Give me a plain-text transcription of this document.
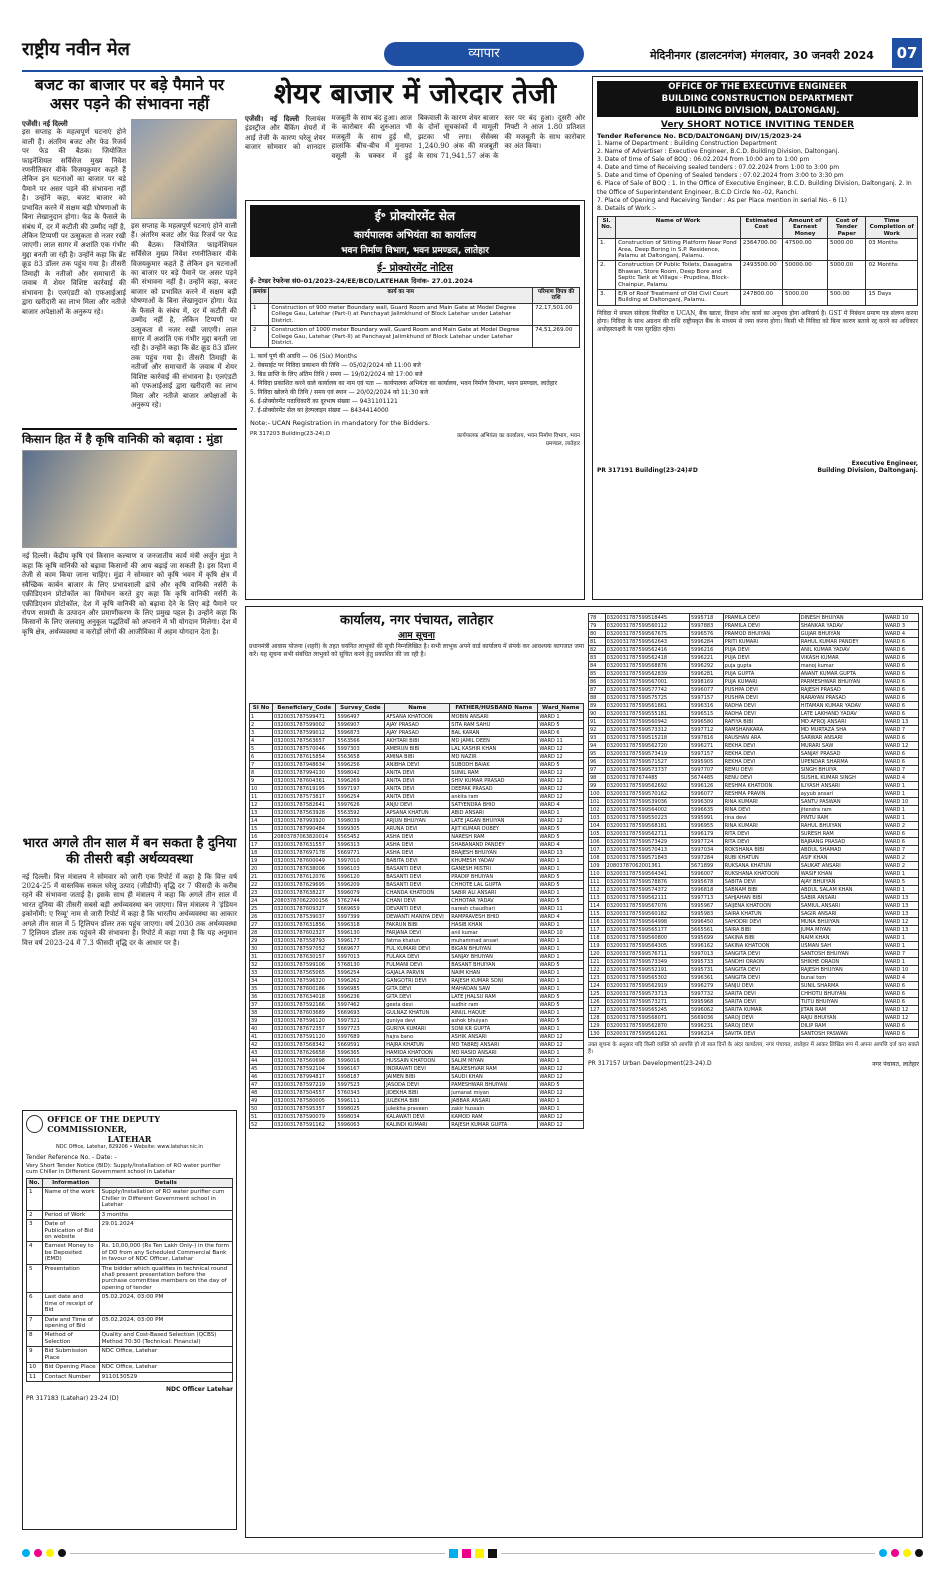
राष्ट्रीय नवीन मेल	व्यापार	मेदिनीनगर (डालटनगंज) मंगलवार, 30 जनवरी 2024	07
बजट का बाजार पर बड़े पैमाने पर असर पड़ने की संभावना नहीं
एजेंसी। नई दिल्ली
इस सप्ताह के महत्वपूर्ण घटनाएं होने वाली हैं। अंतरिम बजट और फेड रिजर्व पर फेड की बैठक। जियोजित फाइनेंशियल सर्विसेज मुख्य निवेश रणनीतिकार वीके विजयकुमार कहते हैं लेकिन इन घटनाओं का बाजार पर बड़े पैमाने पर असर पड़ने की संभावना नहीं है। उन्होंने कहा, बजट बाजार को प्रभावित करने में सक्षम बड़ी घोषणाओं के बिना लेखानुदान होगा। फेड के फैसले के संबंध में, दर में कटौती की उम्मीद नहीं है, लेकिन टिप्पणी पर उत्सुकता से नजर रखी जाएगी। लाल सागर में अशांति एक गंभीर मुद्दा बनती जा रही है। उन्होंने कहा कि ब्रेंट क्रूड 83 डॉलर तक पहुंच गया है। तीसरी तिमाही के नतीजों और समाचारों के जवाब में शेयर विशिष्ट कार्रवाई की संभावना है। एलएंडटी को एफआईआई द्वारा खरीदारी का लाभ मिला और नतीजे बाजार अपेक्षाओं के अनुरूप रहे।
इस सप्ताह के महत्वपूर्ण घटनाएं होने वाली हैं। अंतरिम बजट और फेड रिजर्व पर फेड की बैठक। जियोजित फाइनेंशियल सर्विसेज मुख्य निवेश रणनीतिकार वीके विजयकुमार कहते हैं लेकिन इन घटनाओं का बाजार पर बड़े पैमाने पर असर पड़ने की संभावना नहीं है। उन्होंने कहा, बजट बाजार को प्रभावित करने में सक्षम बड़ी घोषणाओं के बिना लेखानुदान होगा। फेड के फैसले के संबंध में, दर में कटौती की उम्मीद नहीं है, लेकिन टिप्पणी पर उत्सुकता से नजर रखी जाएगी। लाल सागर में अशांति एक गंभीर मुद्दा बनती जा रही है। उन्होंने कहा कि ब्रेंट क्रूड 83 डॉलर तक पहुंच गया है। तीसरी तिमाही के नतीजों और समाचारों के जवाब में शेयर विशिष्ट कार्रवाई की संभावना है। एलएंडटी को एफआईआई द्वारा खरीदारी का लाभ मिला और नतीजे बाजार अपेक्षाओं के अनुरूप रहे।
किसान हित में है कृषि वानिकी को बढ़ावा : मुंडा
नई दिल्ली। केंद्रीय कृषि एवं किसान कल्याण व जनजातीय कार्य मंत्री अर्जुन मुंडा ने कहा कि कृषि वानिकी को बढ़ावा किसानों की आय बढ़ाई जा सकती है। इस दिशा में तेजी से काम किया जाना चाहिए। मुंडा ने सोमवार को कृषि भवन में कृषि क्षेत्र में स्वैच्छिक कार्बन बाजार के लिए प्रभावशाली ढांचे और कृषि वानिकी नर्सरी के एक्रीडिएशन प्रोटोकॉल का विमोचन करते हुए कहा कि कृषि वानिकी नर्सरी के एक्रीडिएशन प्रोटोकॉल, देश में कृषि वानिकी को बढ़ावा देने के लिए बड़े पैमाने पर रोपण सामग्री के उत्पादन और प्रमाणीकरण के लिए प्रमुख पहल है। उन्होंने कहा कि किसानों के लिए जलवायु अनुकूल पद्धतियों को अपनाने में भी योगदान मिलेगा। देश में कृषि क्षेत्र, अर्थव्यवस्था व करोड़ों लोगों की आजीविका में अहम योगदान देता है।
भारत अगले तीन साल में बन सकता है दुनिया की तीसरी बड़ी अर्थव्यवस्था
नई दिल्ली। वित्त मंत्रालय ने सोमवार को जारी एक रिपोर्ट में कहा है कि वित्त वर्ष 2024-25 में वास्तविक सकल घरेलू उत्पाद (जीडीपी) वृद्धि दर 7 फीसदी के करीब रहने की संभावना जताई है। इसके साथ ही मंत्रालय ने कहा कि अगले तीन साल में भारत दुनिया की तीसरी सबसे बड़ी अर्थव्यवस्था बन जाएगा। वित्त मंत्रालय ने 'इंडियन इकोनॉमी: ए रिव्यू' नाम से जारी रिपोर्ट में कहा है कि भारतीय अर्थव्यवस्था का आकार अगले तीन साल में 5 ट्रिलियन डॉलर तक पहुंच जाएगा। वर्ष 2030 तक अर्थव्यवस्था 7 ट्रिलियन डॉलर तक पहुंचने की संभावना है। रिपोर्ट में कहा गया है कि यह अनुमान वित्त वर्ष 2023-24 में 7.3 फीसदी वृद्धि दर के आधार पर है।
OFFICE OF THE DEPUTY COMMISSIONER,
LATEHAR
NDC Office, Latehar, 829206 • Website: www.latehar.nic.in
Tender Reference No. - Date: -
Very Short Tender Notice (BID): Supply/Installation of RO water purifier cum Chiller in Different Government school in Latehar
No.	Information	Details
1	Name of the work	Supply/Installation of RO water purifier cum Chiller in Different Government school in Latehar
2	Period of Work	3 months
3	Date of Publication of Bid on website	29.01.2024
4	Earnest Money to be Deposited (EMD)	Rs. 10,00,000 (Rs Ten Lakh Only-) in the form of DD from any Scheduled Commercial Bank in favour of NDC Officer, Latehar
5	Presentation	The bidder which qualifies in technical round shall present presentation before the purchase committee members on the day of opening of tender
6	Last date and time of receipt of Bid	05.02.2024, 03:00 PM
7	Date and Time of opening of Bid	05.02.2024, 03:00 PM
8	Method of Selection	Quality and Cost-Based Selection (QCBS) Method 70:30 (Technical: Financial)
9	Bid Submission Place	NDC Office, Latehar
10	Bid Opening Place	NDC Office, Latehar
11	Contact Number	9110130529
NDC Officer Latehar
PR 317183 (Latehar) 23-24 (D)
शेयर बाजार में जोरदार तेजी
एजेंसी। नई दिल्ली रिलायंस इंडस्ट्रीज और बैंकिंग शेयरों में आई तेजी के कारण घरेलू शेयर बाजार सोमवार को शानदार मजबूती के साथ बंद हुआ। आज के कारोबार की शुरुआत भी मजबूती के साथ हुई थी, हालांकि बीच-बीच में मुनाफा वसूली के चक्कर में हुई बिकवाली के कारण शेयर बाजार के दोनों सूचकांकों में मामूली झटका भी लगा। सेंसेक्स 1,240.90 अंक की मजबूती के साथ 71,941.57 अंक के स्तर पर बंद हुआ। दूसरी ओर निफ्टी ने आज 1.80 प्रतिशत की मजबूती के साथ कारोबार का अंत किया।
ई॰ प्रोक्योरमेंट सेल
कार्यपालक अभियंता का कार्यालय
भवन निर्माण विभाग, भवन प्रमण्डल, लातेहार
ई- प्रोक्योरमेंट नोटिस
ई- टेण्डर रेफरेन्स सं0-01/2023-24/EE/BCD/LATEHAR दिनांक- 27.01.2024
क्रमांक	कार्य का नाम	परिमाण विपत्र की राशि
1	Construction of 900 meter Boundary wall, Guard Room and Main Gate at Model Degree College Gau, Latehar (Part-I) at Panchayat Jalimkhund of Block Latehar under Latehar District.	72,17,501.00
2	Construction of 1000 meter Boundary wall, Guard Room and Main Gate at Model Degree College Gau, Latehar (Part-II) at Panchayat Jalimkhund of Block Latehar under Latehar District.	74,51,269.00
1. कार्य पूर्ण की अवधि — 06 (Six) Months
2. वेबसाईट पर निविदा प्रकाशन की तिथि — 05/02/2024 को 11:00 बजे
3. बिड प्राप्ति के लिए अंतिम तिथि / समय — 19/02/2024 को 17:00 बजे
4. निविदा प्रकाशित करने वाले कार्यालय का नाम एवं पता — कार्यपालक अभियंता का कार्यालय, भवन निर्माण विभाग, भवन प्रमण्डल, लातेहार
5. निविदा खोलने की तिथि / समय एवं स्थान — 20/02/2024 को 11:30 बजे
6. ई-प्रोक्योरमेंट पदाधिकारी का दूरभाष संख्या — 9431101121
7. ई-प्रोक्योरमेंट सेल का हेल्पलाइन संख्या — 8434414000
Note:- UCAN Registration in mandatory for the Bidders.
PR 317203 Building(23-24).D	कार्यपालक अभियंता का कार्यालय, भवन निर्माण विभाग, भवन प्रमण्डल, लातेहार
OFFICE OF THE EXECUTIVE ENGINEER
BUILDING CONSTRUCTION DEPARTMENT
BUILDING DIVISION, DALTONGANJ.
Very SHORT NOTICE INVITING TENDER
Tender Reference No. BCD/DALTONGANJ DIV/15/2023-24
1. Name of Department : Building Construction Department
2. Name of Advertiser : Executive Engineer, B.C.D. Building Division, Daltonganj.
3. Date of time of Sale of BOQ : 06.02.2024 from 10:00 am to 1:00 pm
4. Date and time of Receiving sealed tenders : 07.02.2024 from 1:00 to 3:00 pm
5. Date and time of Opening of Sealed tenders : 07.02.2024 from 3:00 to 3:30 pm
6. Place of Sale of BOQ : 1. In the Office of Executive Engineer, B.C.D. Building Division, Daltonganj. 2. In the Office of Superintendent Engineer, B.C.D Circle No.-02, Ranchi.
7. Place of Opening and Receiving Tender : As per Place mention in serial No.- 6 (1)
8. Details of Work :-
Sl. No.	Name of Work	Estimated Cost	Amount of Earnest Money	Cost of Tender Paper	Time Completion of Work
1.	Construction of Sitting Platform Near Pond Area, Deep Boring in S.P. Residence, Palamu at Daltonganj, Palamu.	2364700.00	47500.00	5000.00	03 Months
2.	Construction Of Public Toilets, Dasagatra Bhawan, Store Room, Deep Bore and Septic Tank at Village - Prupdina, Block- Chainpur, Palamu	2493500.00	50000.00	5000.00	02 Months
3.	E/R of Roof Treatment of Old Civil Court Building at Daltonganj, Palamu.	247800.00	5000.00	500.00	15 Days
निविदा में सफल संवेदक निबंधित व UCAN, बैंक खाता, विधान शोध कार्य का अनुभव होना अनिवार्य है। GST में निबंधन प्रमाण पत्र संलग्न करना होगा। निविदा के साथ अग्रधन की राशि राष्ट्रीयकृत बैंक के माध्यम से जमा करना होगा। किसी भी निविदा को बिना कारण बताये रद्द करने का अधिकार अधोहस्ताक्षरी के पास सुरक्षित रहेगा।
Executive Engineer,
PR 317191 Building(23-24)#D	Building Division, Daltonganj.
कार्यालय, नगर पंचायत, लातेहार
आम सूचना
प्रधानमंत्री आवास योजना (शहरी) के तहत चयनित लाभुकों की सूची निम्नलिखित है। सभी लाभुक अपने वार्ड कार्यालय में संपर्क कर आवश्यक कागजात जमा करें। यह सूचना सभी संबंधित लाभुकों को सूचित करने हेतु प्रकाशित की जा रही है।
Sl No	Beneficiary_Code	Survey_Code	Name	FATHER/HUSBAND Name	Ward_Name
1	0320031787599471	5996497	AFSANA KHATOON	MOBIN ANSARI	WARD 1
2	0320031787599002	5996907	AJAY PRASAD	SITA RAM SAHU	WARD 5
3	0320031787599012	5996873	AJAY PRASAD	BAL KARAN	WARD 6
4	0320031787563657	5563566	AKHTARI BIBI	MD JAMIL DEEN	WARD 11
5	0320031787570046	5997303	AMERUN BIBI	LAL KASHIR KHAN	WARD 12
6	0320031787615854	5563658	AMINA BIBI	MD NAZIR	WARD 12
7	0320031787948634	5996256	ANIBHA DEVI	SUBODH BAIAK	WARD 5
8	0320031787994130	5998042	ANITA DEVI	SUNIL RAM	WARD 12
9	0320031787604361	5996269	ANITA DEVI	SHIV KUMAR PRASAD	WARD 12
10	0320031787619195	5997197	ANITA DEVI	DEEPAK PRASAD	WARD 12
11	0320031787573817	5996254	ANITA DEVI	ankita ram	WARD 12
12	0320031787582641	5997626	ANJU DEVI	SATYENDRA BHID	WARD 4
13	0320031787563928	5563592	APSANA KHATUN	ABID ANSARI	WARD 1
14	0320031787993920	5998039	ARJUN BHUIYAN	LATE JAGAN BHUIYAN	WARD 12
15	0320031787990484	5999305	ARUNA DEVI	AJIT KUMAR DUBEY	WARD 5
16	20803787063820014	5565452	ASHA DEVI	NARESH RAM	WARD 5
17	0320031787631557	5996313	ASHA DEVI	SHABANAND PANDEY	WARD 4
18	0320031787697178	5669771	ASHA DEVI	BRAJESH BHUIYAN	WARD 13
19	0320031787600049	5997010	BABITA DEVI	KHUMESH YADAV	WARD 1
20	0320031787638006	5996103	BASANTI DEVI	GANESH MISTRI	WARD 1
21	0320031787612076	5996120	BASANTI DEVI	PRADIP BHUIYAN	WARD 5
22	0320031787629695	5996209	BASANTI DEVI	CHHOTE LAL GUPTA	WARD 5
23	0320031787638227	5996079	CHANDA KHATOON	SABIR ALI ANSARI	WARD 1
24	20803787062200156	5762744	CHANI DEVI	CHHOTAR YADAV	WARD 5
25	0320031787609327	5669659	DEVANTI DEVI	naresh chaudhari	WARD 11
26	0320031787539037	5997399	DEWANTI MANIYA DEVI	RAMPRAVESH BHID	WARD 4
27	0320031787631856	5996318	FAKRUN BIBI	HASIB KHAN	WARD 1
28	0320031787602327	5996130	FARJANA DEVI	anil kumar	WARD 10
29	0320031787558793	5996177	fatma khatun	muhammad ansari	WARD 1
30	0320031787597052	5669677	FUL KUMARI DEVI	BIGAN BHUIYAN	WARD 1
31	0320031787630157	5997013	FULAKA DEVI	SANJAY BHUIYAN	WARD 1
32	0320031787599106	5768130	FULMANI DEVI	BASANT BHUIYAN	WARD 5
33	0320031787565065	5996254	GAJALA PARVIN	NAIM KHAN	WARD 1
34	0320031787596320	5996262	GANGOTRI DEVI	RAJESH KUMAR SONI	WARD 1
35	0320031787600186	5996985	GITA DEVI	MAHADAN SAW	WARD 1
36	0320031787634018	5996236	GITA DEVI	LATE JHALSU RAM	WARD 5
37	0320031787592166	5997462	geeta devi	sudhir ram	WARD 5
38	0320031787603689	5669693	GULNAZ KHATUN	AINUL HAQUE	WARD 1
39	0320031787596120	5997321	guniya devi	ashok bhuiyan	WARD 5
40	0320031787672357	5997723	GURIYA KUMARI	SONI KR GUPTA	WARD 1
41	0320031787591120	5997689	hajra bano	ASHIK ANSARI	WARD 12
42	0320031787568342	5669591	HAJRA KHATUN	MD TABREJ ANSARI	WARD 12
43	0320031787626658	5996365	HAMIDA KHATOON	MD RASID ANSARI	WARD 1
44	0320031787560698	5996016	HUSSAIN KHATOON	SALIM MIYAN	WARD 1
45	0320031787592104	5996167	INDRAVATI DEVI	BALKESHVAR RAM	WARD 12
46	0320031787994817	5998187	JAIMEN BIBI	SAUDI KHAN	WARD 12
47	0320031787597219	5997523	JASODA DEVI	PAMESHWAR BHUIYAN	WARD 5
48	0320031787504557	5760343	JIDEKHA BIBI	jumanat miyan	WARD 12
49	0320031787580005	5996111	JULEKHA BIBI	JABBAR ANSARI	WARD 1
50	0320031787595357	5998025	juleikha praveen	zakir hussain	WARD 1
51	0320031787590079	5998034	KALAWATI DEVI	KAMOD RAM	WARD 12
52	0320031787591162	5996063	KALINDI KUMARI	RAJESH KUMAR GUPTA	WARD 12
78	0320031787599518445	5995718	PRAMILA DEVI	DINESH BHUIYAN	WARD 10
79	0320031787599560112	5997883	PRAMILA DEVI	SHANKAR YADAV	WARD 3
80	0320031787599567675	5996576	PRAMOD BHUIYAN	GUJAR BHUIYAN	WARD 4
81	0320031787599562643	5996284	PRITI KUMARI	RAHUL KUMAR PANDEY	WARD 6
82	0320031787599562416	5996216	PUJA DEVI	ANIL KUMAR YADAV	WARD 6
83	0320031787599562418	5996221	PUJA DEVI	VIKASH KUMAR	WARD 6
84	0320031787599568876	5996292	puja gupta	manoj kumar	WARD 6
85	0320031787599562839	5996281	PUJA GUPTA	ANANT KUMAR GUPTA	WARD 6
86	0320031787599567001	5998169	PUJA KUMARI	PARMESHWAR BHUIYAN	WARD 6
87	0320031787599577742	5996077	PUSHPA DEVI	RAJESH PRASAD	WARD 6
88	0320031787599575725	5997157	PUSHPA DEVI	NARAYAN PRASAD	WARD 6
89	0320031787599561861	5996316	RADHA DEVI	HITAMAN KUMAR YADAV	WARD 6
90	0320031787599555181	5996515	RADHA DEVI	LATE LAKHAND YADAV	WARD 6
91	0320031787599560942	5996580	RAFIYA BIBI	MD AFROJ ANSARI	WARD 13
92	0320031787599573312	5997712	RAMSHANKARA	MD MURTAZA SHA	WARD 7
93	0320031787599515218	5997816	RAUSHAN ARA	SARWAR ANSARI	WARD 6
94	0320031787599562720	5996271	REKHA DEVI	MURARI SAW	WARD 12
95	0320031787599573419	5997157	REKHA DEVI	SANJAY PRASAD	WARD 6
96	0320031787599571527	5995905	REKHA DEVI	UPENDAR SHARMA	WARD 6
97	0320031787599573737	5997707	REMU DEVI	SINGH BHUIYA	WARD 7
98	0320031787674485	5674485	RENU DEVI	SUSHIL KUMAR SINGH	WARD 4
99	0320031787599562692	5996126	RESHMA KHATOON	ILIYASH ANSARI	WARD 1
100	0320031787599570162	5996077	RESHMA PRAVIN	ayyub ansari	WARD 1
101	0320031787599539036	5996309	RINA KUMARI	SANTU PASWAN	WARD 10
102	0320031787599564002	5996635	RINA DEVI	jitendra ram	WARD 1
103	0320031787599550223	5995991	rina devi	PINTU RAM	WARD 1
104	0320031787599568181	5996955	RINA KUMARI	RAHUL BHUIYAN	WARD 2
105	0320031787599562711	5996179	RITA DEVI	SURESH RAM	WARD 6
106	0320031787599573429	5997724	RITA DEVI	BAJRANG PRASAD	WARD 6
107	0320031787599570413	5997034	ROKSHANA BIBI	ABDUL SHAMAD	WARD 7
108	0320031787599571843	5997284	RUBI KHATUN	ASIF KHAN	WARD 2
109	20803787062001361	5671899	RUKSANA KHATUN	SAUKAT ANSARI	WARD 2
110	0320031787599564341	5996007	RUKSHANA KHATOON	WASIF KHAN	WARD 1
111	0320031787599578876	5995678	SABITA DEVI	AJAY BHUIYAN	WARD 5
112	0320031787599574372	5996818	SABNAM BIBI	ABDUL SALAM KHAN	WARD 1
113	0320031787599562111	5997713	SAHJAHAN BIBI	SABIR ANSARI	WARD 13
114	0320031787599567076	5995967	SAIJENA KHATOON	SAMIUL ANSARI	WARD 13
115	0320031787599560182	5995983	SAIRA KHATUN	SAGIR ANSARI	WARD 13
116	0320031787599564998	5996450	SAHODRI DEVI	MUNA BHUIYAN	WARD 12
117	0320031787599565177	5665561	SAIRA BIBI	JUMA MIYAN	WARD 13
118	0320031787599560800	5995699	SAKINA BIBI	NAIM KHAN	WARD 1
119	0320031787599564305	5996162	SAKINA KHATOON	USMAN SAH	WARD 1
120	0320031787599576711	5997013	SANGITA DEVI	SANTOSH BHUIYAN	WARD 7
121	0320031787599573349	5995733	SANDHI ORAON	SHIKHE ORAON	WARD 1
122	0320031787599552191	5995731	SANGITA DEVI	RAJESH BHUIYAN	WARD 10
123	0320031787599565302	5996361	SANGITA DEVI	bunai tom	WARD 4
124	0320031787599562919	5996279	SANJU DEVI	SUNIL SHARMA	WARD 6
125	0320031787599573713	5997732	SARITA DEVI	CHHOTU BHUIYAN	WARD 6
126	0320031787599573271	5995968	SARITA DEVI	TUTU BHUIYAN	WARD 6
127	0320031787599565245	5996062	SARITA KUMAR	JITAN RAM	WARD 12
128	0320031787599568071	5669036	SAROJ DEVI	RAJU BHUIYAN	WARD 12
129	0320031787599562870	5996231	SAROJ DEVI	DILIP RAM	WARD 6
130	0320031787599561261	5996214	SAVITA DEVI	SANTOSH PASWAN	WARD 6
उक्त सूचना के अनुसार यदि किसी व्यक्ति को आपत्ति हो तो सात दिनों के अंदर कार्यालय, नगर पंचायत, लातेहार में आकर लिखित रूप में अपना आपत्ति दर्ज करा सकते हैं।
PR 317157 Urban Development(23-24).D	नगर पंचायत, लातेहार
